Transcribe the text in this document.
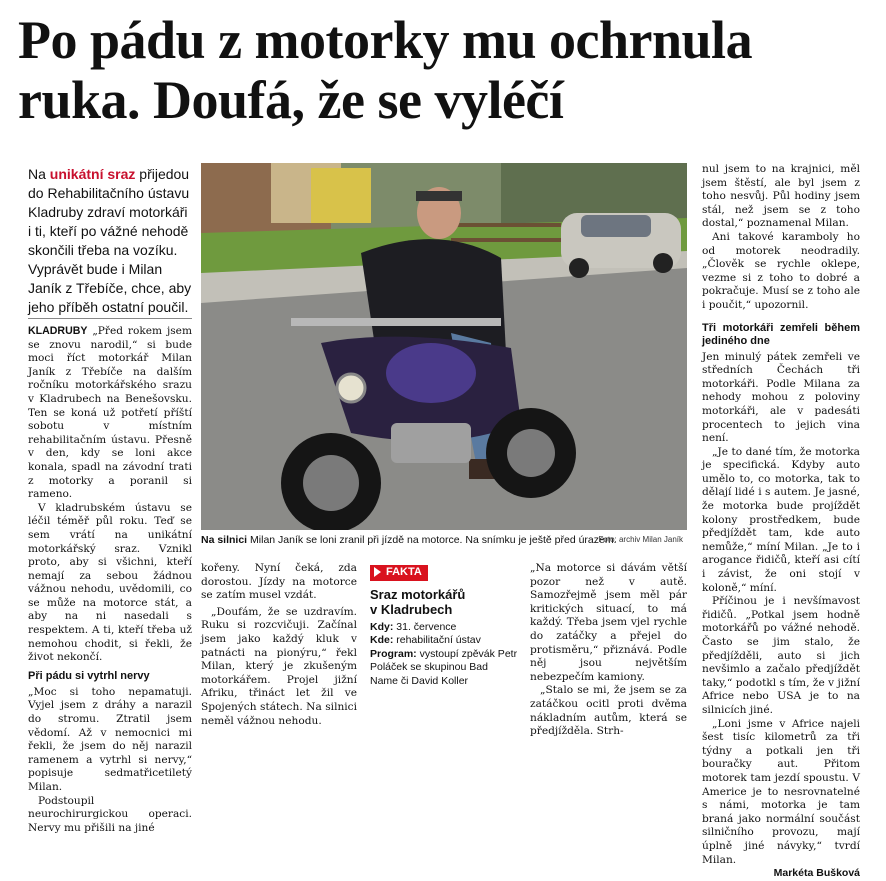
Po pádu z motorky mu ochrnula ruka. Doufá, že se vyléčí

Na unikátní sraz přijedou do Rehabilitačního ústavu Kladruby zdraví motorkáři i ti, kteří po vážné nehodě skončili třeba na vozíku. Vyprávět bude i Milan Janík z Třebíče, chce, aby jeho příběh ostatní poučil.

KLADRUBY „Před rokem jsem se znovu narodil,“ si bude moci říct motorkář Milan Janík z Třebíče na dalším ročníku motorkářského srazu v Kladrubech na Benešovsku. Ten se koná už potřetí příští sobotu v místním rehabilitačním ústavu. Přesně v den, kdy se loni akce konala, spadl na závodní trati z motorky a poranil si rameno.

V kladrubském ústavu se léčil téměř půl roku. Teď se sem vrátí na unikátní motorkářský sraz. Vznikl proto, aby si všichni, kteří nemají za sebou žádnou vážnou nehodu, uvědomili, co se může na motorce stát, a aby na ni nasedali s respektem. A ti, kteří třeba už nemohou chodit, si řekli, že život nekončí.

Při pádu si vytrhl nervy

„Moc si toho nepamatuji. Vyjel jsem z dráhy a narazil do stromu. Ztratil jsem vědomí. Až v nemocnici mi řekli, že jsem do něj narazil ramenem a vytrhl si nervy,“ popisuje sedmatřicetiletý Milan.

Podstoupil neurochirurgickou operaci. Nervy mu přišili na jiné

Na silnici Milan Janík se loni zranil při jízdě na motorce. Na snímku je ještě před úrazem.
Foto: archiv Milan Janík

kořeny. Nyní čeká, zda dorostou. Jízdy na motorce se zatím musel vzdát.

„Doufám, že se uzdravím. Ruku si rozcvičuji. Začínal jsem jako každý kluk v patnácti na pionýru,“ řekl Milan, který je zkušeným motorkářem. Projel jižní Afriku, třináct let žil ve Spojených státech. Na silnici neměl vážnou nehodu.

FAKTA
Sraz motorkářů
v Kladrubech

Kdy: 31. července

Kde: rehabilitační ústav

Program: vystoupí zpěvák Petr Poláček se skupinou Bad Name či David Koller

„Na motorce si dávám větší pozor než v autě. Samozřejmě jsem měl pár kritických situací, to má každý. Třeba jsem vjel rychle do zatáčky a přejel do protisměru,“ přiznává. Podle něj jsou největším nebezpečím kamiony.

„Stalo se mi, že jsem se za zatáčkou ocitl proti dvěma nákladním autům, která se předjížděla. Strh-

nul jsem to na krajnici, měl jsem štěstí, ale byl jsem z toho nesvůj. Půl hodiny jsem stál, než jsem se z toho dostal,“ poznamenal Milan.

Ani takové karamboly ho od motorek neodradily. „Člověk se rychle oklepe, vezme si z toho to dobré a pokračuje. Musí se z toho ale i poučit,“ upozornil.

Tři motorkáři zemřeli během jediného dne

Jen minulý pátek zemřeli ve středních Čechách tři motorkáři. Podle Milana za nehody mohou z poloviny motorkáři, ale v padesáti procentech to jejich vina není.

„Je to dané tím, že motorka je specifická. Kdyby auto umělo to, co motorka, tak to dělají lidé i s autem. Je jasné, že motorka bude projíždět kolony prostředkem, bude předjíždět tam, kde auto nemůže,“ míní Milan. „Je to i arogance řidičů, kteří asi cítí i závist, že oni stojí v koloně,“ míní.

Příčinou je i nevšímavost řidičů. „Potkal jsem hodně motorkářů po vážné nehodě. Často se jim stalo, že předjížděli, auto si jich nevšimlo a začalo předjíždět taky,“ podotkl s tím, že v jižní Africe nebo USA je to na silnicích jiné.

„Loni jsme v Africe najeli šest tisíc kilometrů za tři týdny a potkali jen tři bouračky aut. Přitom motorek tam jezdí spoustu. V Americe je to nesrovnatelné s námi, motorka je tam braná jako normální součást silničního provozu, mají úplně jiné návyky,“ tvrdí Milan.

Markéta Bušková
